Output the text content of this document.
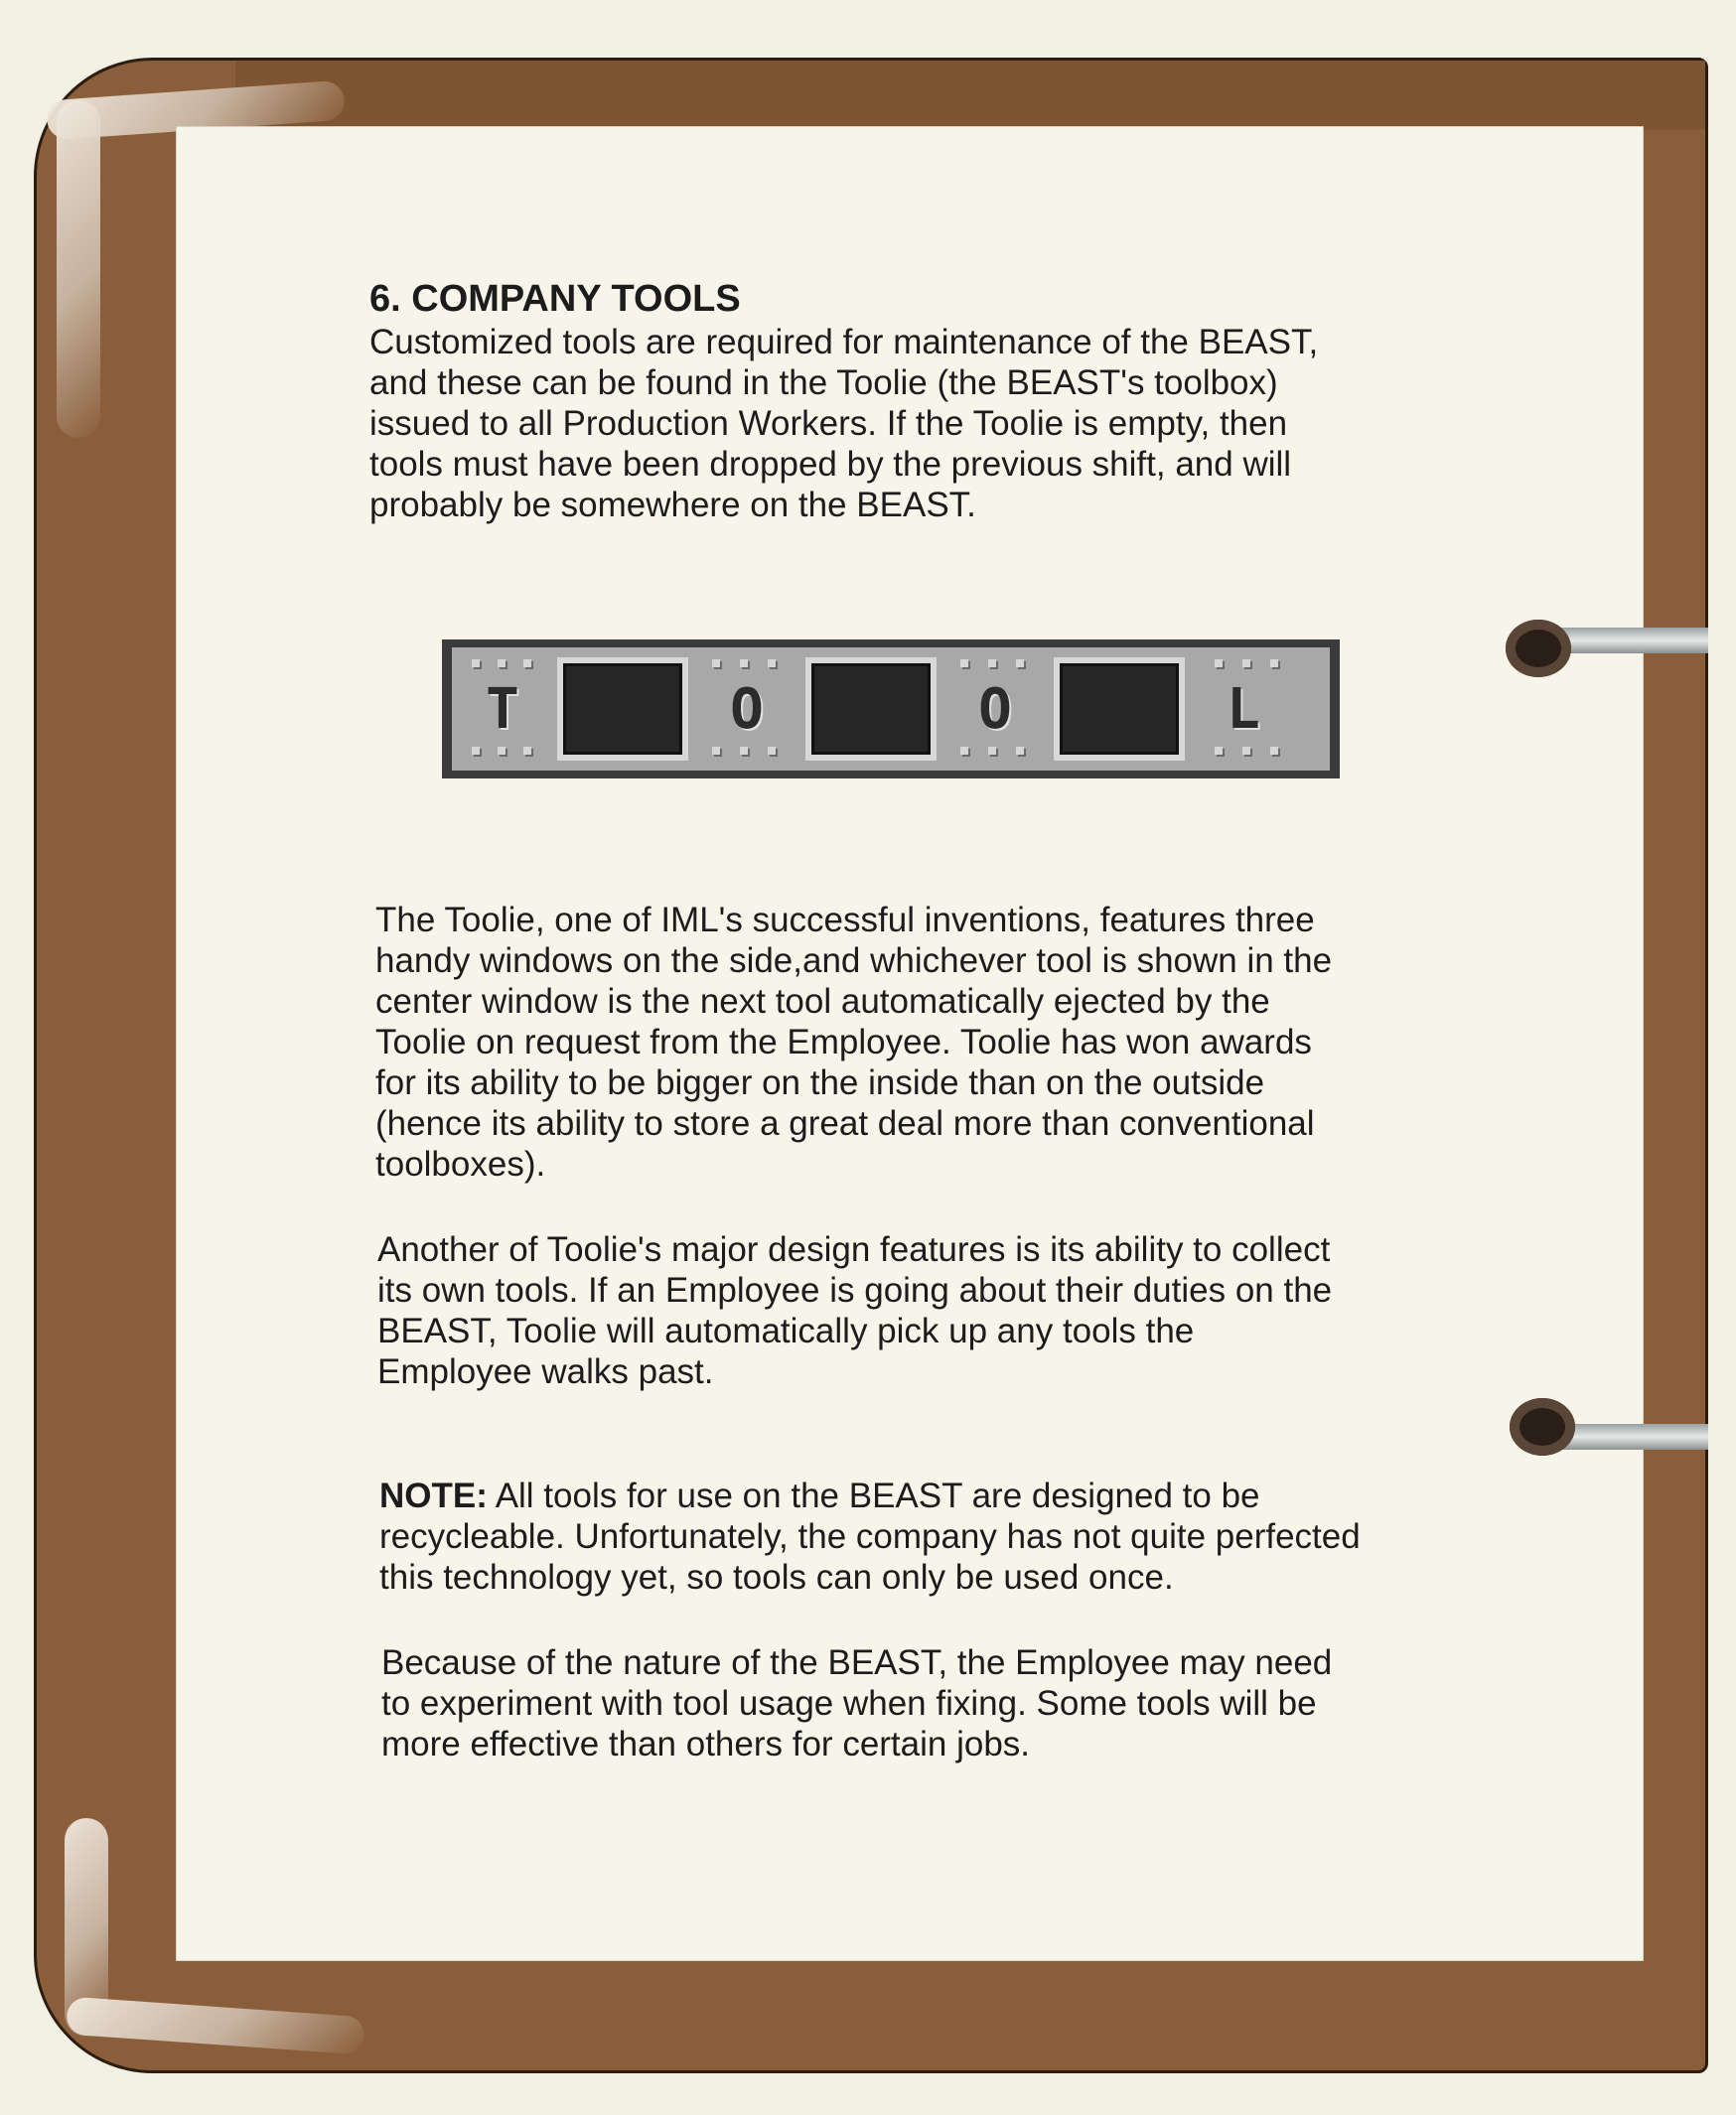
6. COMPANY TOOLS

Customized tools are required for maintenance of the BEAST,

and these can be found in the Toolie (the BEAST's toolbox)

issued to all Production Workers. If the Toolie is empty, then

tools must have been dropped by the previous shift, and will

probably be somewhere on the BEAST.

T	O	O	L

The Toolie, one of IML's successful inventions, features three

handy windows on the side,and whichever tool is shown in the

center window is the next tool automatically ejected by the

Toolie on request from the Employee. Toolie has won awards

for its ability to be bigger on the inside than on the outside

(hence its ability to store a great deal more than conventional

toolboxes).

Another of Toolie's major design features is its ability to collect

its own tools. If an Employee is going about their duties on the

BEAST, Toolie will automatically pick up any tools the

Employee walks past.

NOTE: All tools for use on the BEAST are designed to be

recycleable. Unfortunately, the company has not quite perfected

this technology yet, so tools can only be used once.

Because of the nature of the BEAST, the Employee may need

to experiment with tool usage when fixing. Some tools will be

more effective than others for certain jobs.
